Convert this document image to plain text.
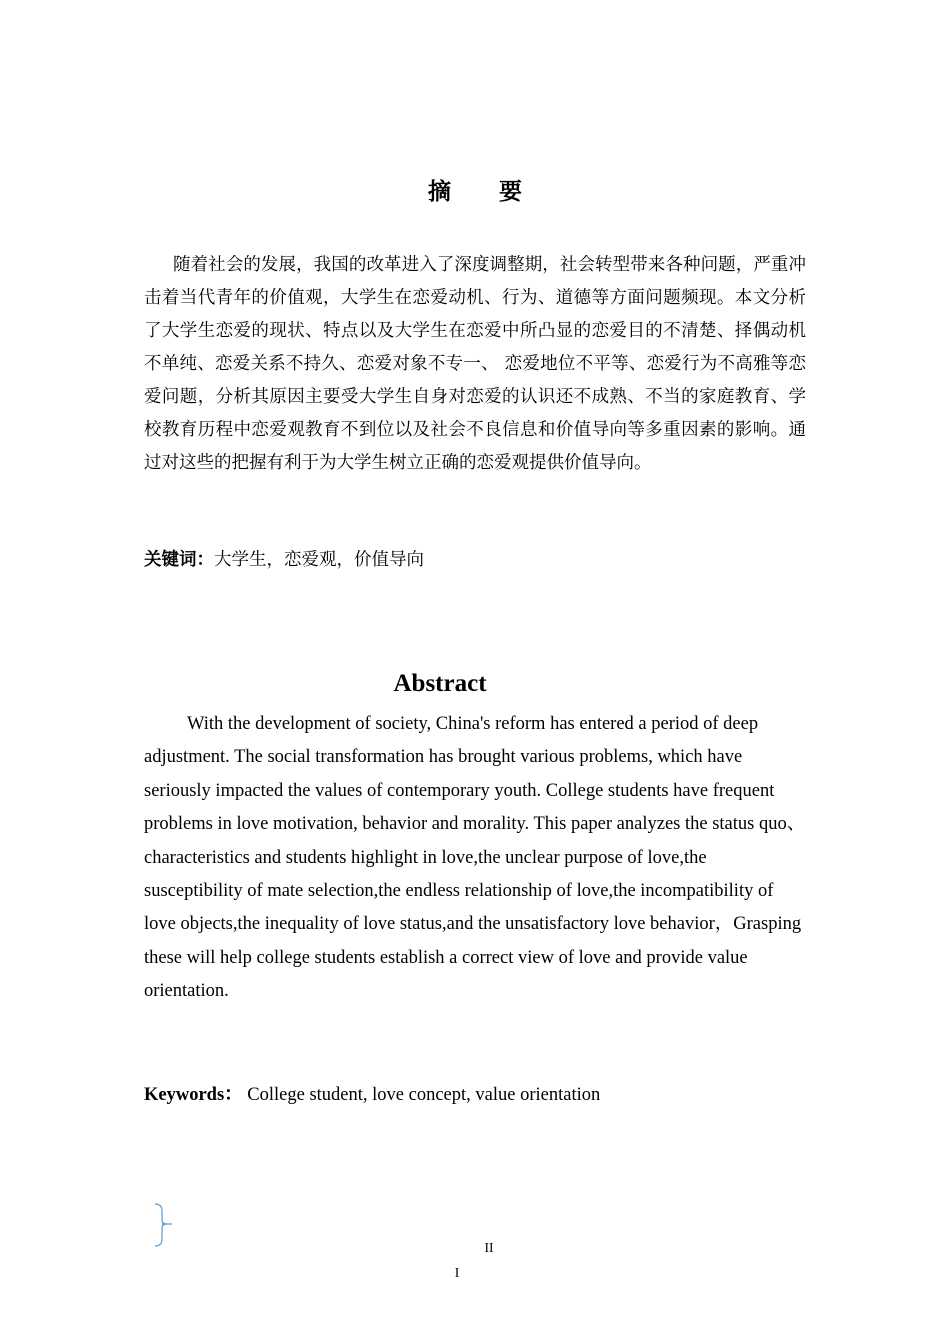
摘要

随着社会的发展，我国的改革进入了深度调整期，社会转型带来各种问题，严重冲击着当代青年的价值观，大学生在恋爱动机、行为、道德等方面问题频现。本文分析了大学生恋爱的现状、特点以及大学生在恋爱中所凸显的恋爱目的不清楚、择偶动机不单纯、恋爱关系不持久、恋爱对象不专一、 恋爱地位不平等、恋爱行为不高雅等恋爱问题，分析其原因主要受大学生自身对恋爱的认识还不成熟、不当的家庭教育、学校教育历程中恋爱观教育不到位以及社会不良信息和价值导向等多重因素的影响。通过对这些的把握有利于为大学生树立正确的恋爱观提供价值导向。

关键词：大学生，恋爱观，价值导向

Abstract

With the development of society, China's reform has entered a period of deep adjustment. The social transformation has brought various problems, which have seriously impacted the values of contemporary youth. College students have frequent problems in love motivation, behavior and morality. This paper analyzes the status quo、characteristics and students highlight in love,the unclear purpose of love,the susceptibility of mate selection,the endless relationship of love,the incompatibility of love objects,the inequality of love status,and the unsatisfactory love behavior，Grasping these will help college students establish a correct view of love and provide value orientation.

Keywords： College student, love concept, value orientation

II
I
